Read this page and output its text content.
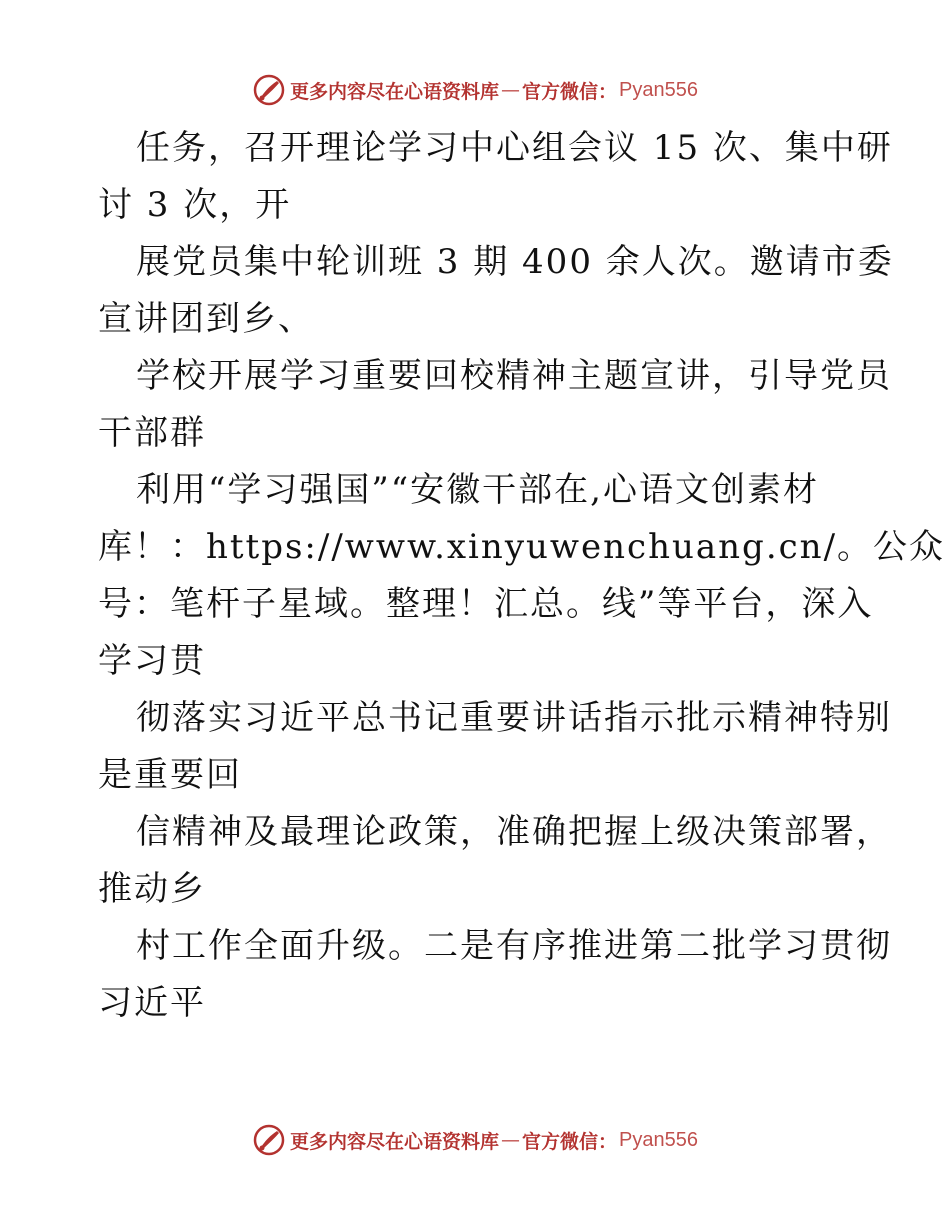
更多内容尽在心语资料库 — 官方微信： Pyan556
任务，召开理论学习中心组会议 15 次、集中研
讨 3 次，开
展党员集中轮训班 3 期 400 余人次。邀请市委
宣讲团到乡、
学校开展学习重要回校精神主题宣讲，引导党员
干部群
利用“学习强国”“安徽干部在,心语文创素材
库！：https://www.xinyuwenchuang.cn/。公众
号：笔杆子星域。整理！汇总。线”等平台，深入
学习贯
彻落实习近平总书记重要讲话指示批示精神特别
是重要回
信精神及最理论政策，准确把握上级决策部署，
推动乡
村工作全面升级。二是有序推进第二批学习贯彻
习近平
更多内容尽在心语资料库 — 官方微信： Pyan556
